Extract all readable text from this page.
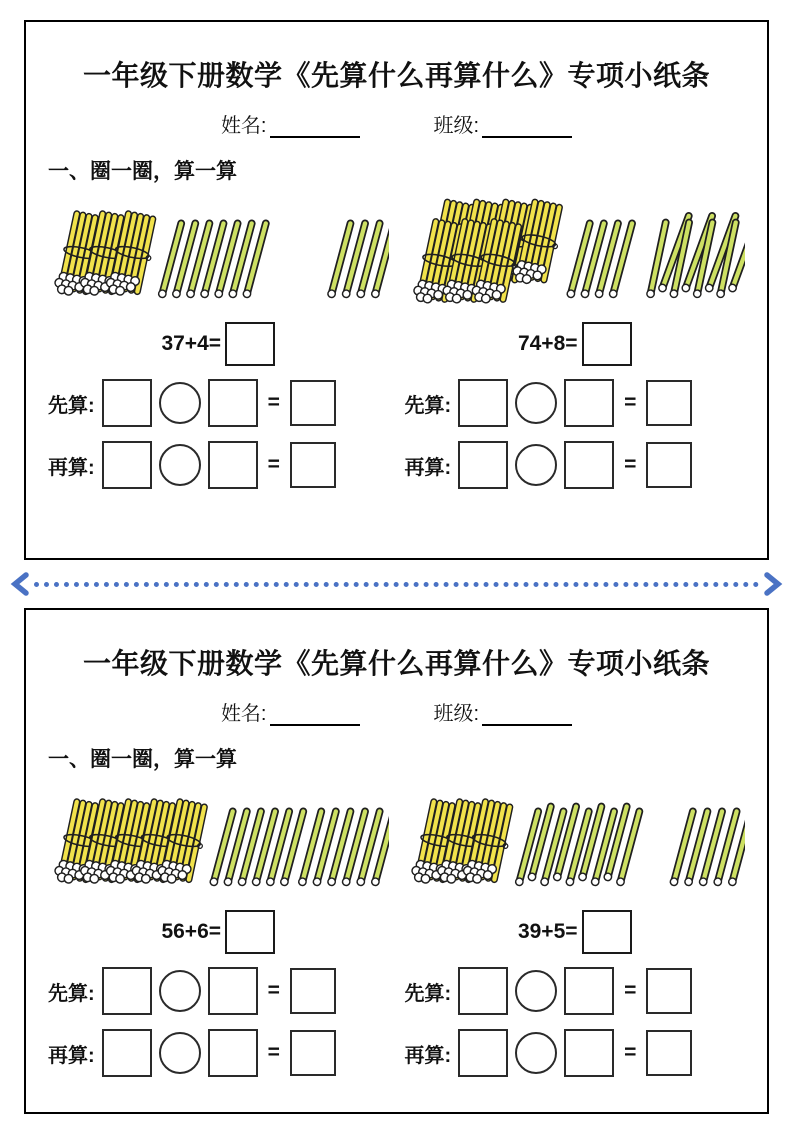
一年级下册数学《先算什么再算什么》专项小纸条
姓名:	班级:
一、圈一圈，算一算
37+4=
先算:	=
再算:	=
74+8=
先算:	=
再算:	=
一年级下册数学《先算什么再算什么》专项小纸条
姓名:	班级:
一、圈一圈，算一算
56+6=
先算:	=
再算:	=
39+5=
先算:	=
再算:	=
